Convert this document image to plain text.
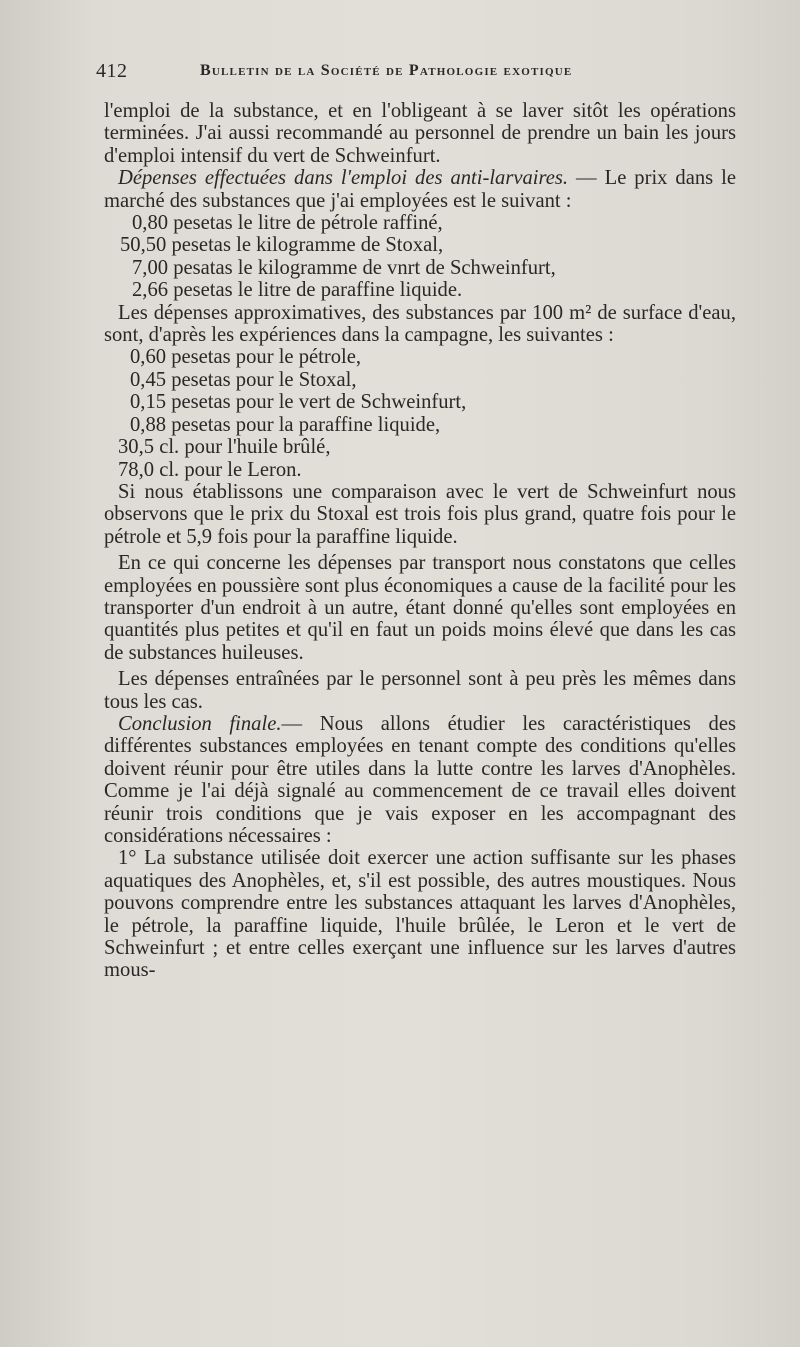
412	Bulletin de la Société de Pathologie exotique

l'emploi de la substance, et en l'obligeant à se laver sitôt les opérations terminées. J'ai aussi recommandé au personnel de prendre un bain les jours d'emploi intensif du vert de Schweinfurt.

Dépenses effectuées dans l'emploi des anti-larvaires. — Le prix dans le marché des substances que j'ai employées est le suivant :

0,80 pesetas le litre de pétrole raffiné,

50,50 pesetas le kilogramme de Stoxal,

7,00 pesatas le kilogramme de vnrt de Schweinfurt,

2,66 pesetas le litre de paraffine liquide.

Les dépenses approximatives, des substances par 100 m² de surface d'eau, sont, d'après les expériences dans la campagne, les suivantes :

0,60 pesetas pour le pétrole,

0,45 pesetas pour le Stoxal,

0,15 pesetas pour le vert de Schweinfurt,

0,88 pesetas pour la paraffine liquide,

30,5 cl. pour l'huile brûlé,

78,0 cl. pour le Leron.

Si nous établissons une comparaison avec le vert de Schweinfurt nous observons que le prix du Stoxal est trois fois plus grand, quatre fois pour le pétrole et 5,9 fois pour la paraffine liquide.

En ce qui concerne les dépenses par transport nous constatons que celles employées en poussière sont plus économiques a cause de la facilité pour les transporter d'un endroit à un autre, étant donné qu'elles sont employées en quantités plus petites et qu'il en faut un poids moins élevé que dans les cas de substances huileuses.

Les dépenses entraînées par le personnel sont à peu près les mêmes dans tous les cas.

Conclusion finale.— Nous allons étudier les caractéristiques des différentes substances employées en tenant compte des conditions qu'elles doivent réunir pour être utiles dans la lutte contre les larves d'Anophèles. Comme je l'ai déjà signalé au commencement de ce travail elles doivent réunir trois conditions que je vais exposer en les accompagnant des considérations nécessaires :

1° La substance utilisée doit exercer une action suffisante sur les phases aquatiques des Anophèles, et, s'il est possible, des autres moustiques. Nous pouvons comprendre entre les substances attaquant les larves d'Anophèles, le pétrole, la paraffine liquide, l'huile brûlée, le Leron et le vert de Schweinfurt ; et entre celles exerçant une influence sur les larves d'autres mous-
